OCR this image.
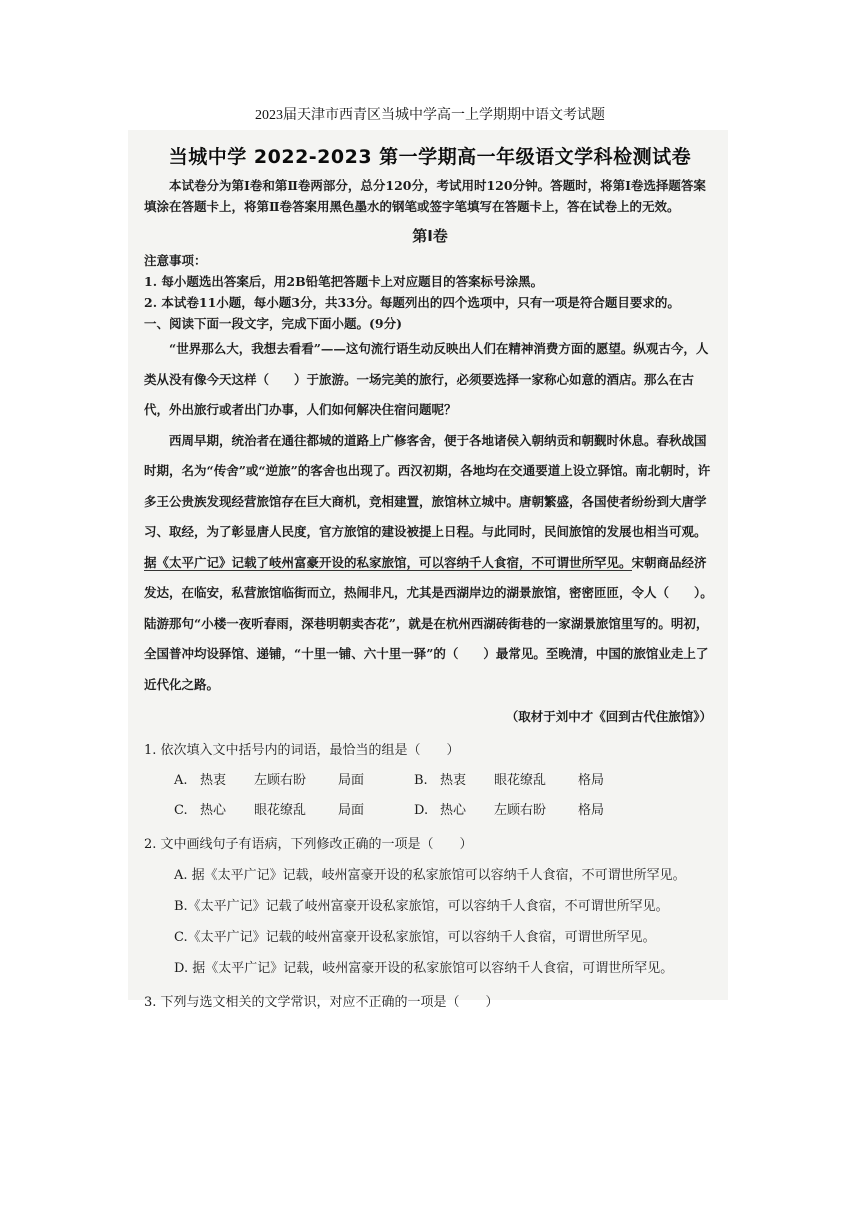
2023届天津市西青区当城中学高一上学期期中语文考试题
当城中学 2022-2023 第一学期高一年级语文学科检测试卷

本试卷分为第Ⅰ卷和第Ⅱ卷两部分，总分120分，考试用时120分钟。答题时，将第Ⅰ卷选择题答案填涂在答题卡上，将第Ⅱ卷答案用黑色墨水的钢笔或签字笔填写在答题卡上，答在试卷上的无效。

第Ⅰ卷

注意事项：

1. 每小题选出答案后，用2B铅笔把答题卡上对应题目的答案标号涂黑。

2. 本试卷11小题，每小题3分，共33分。每题列出的四个选项中，只有一项是符合题目要求的。

一、阅读下面一段文字，完成下面小题。(9分)

“世界那么大，我想去看看”——这句流行语生动反映出人们在精神消费方面的愿望。纵观古今，人类从没有像今天这样（　　）于旅游。一场完美的旅行，必须要选择一家称心如意的酒店。那么在古代，外出旅行或者出门办事，人们如何解决住宿问题呢？

西周早期，统治者在通往都城的道路上广修客舍，便于各地诸侯入朝纳贡和朝觐时休息。春秋战国时期，名为“传舍”或“逆旅”的客舍也出现了。西汉初期，各地均在交通要道上设立驿馆。南北朝时，许多王公贵族发现经营旅馆存在巨大商机，竞相建置，旅馆林立城中。唐朝繁盛，各国使者纷纷到大唐学习、取经，为了彰显唐人民度，官方旅馆的建设被提上日程。与此同时，民间旅馆的发展也相当可观。据《太平广记》记载了岐州富豪开设的私家旅馆，可以容纳千人食宿，不可谓世所罕见。宋朝商品经济发达，在临安，私营旅馆临街而立，热闹非凡，尤其是西湖岸边的湖景旅馆，密密匝匝，令人（　　）。陆游那句“小楼一夜听春雨，深巷明朝卖杏花”，就是在杭州西湖砖街巷的一家湖景旅馆里写的。明初，全国普冲均设驿馆、递铺，“十里一铺、六十里一驿”的（　　）最常见。至晚清，中国的旅馆业走上了近代化之路。

（取材于刘中才《回到古代住旅馆》）
1. 依次填入文中括号内的词语，最恰当的组是（　　）
A. 热衷	左顾右盼	局面	B. 热衷	眼花缭乱	格局
C. 热心	眼花缭乱	局面	D. 热心	左顾右盼	格局
2. 文中画线句子有语病，下列修改正确的一项是（　　）
A. 据《太平广记》记载，岐州富豪开设的私家旅馆可以容纳千人食宿，不可谓世所罕见。
B.《太平广记》记载了岐州富豪开设私家旅馆，可以容纳千人食宿，不可谓世所罕见。
C.《太平广记》记载的岐州富豪开设私家旅馆，可以容纳千人食宿，可谓世所罕见。
D. 据《太平广记》记载，岐州富豪开设的私家旅馆可以容纳千人食宿，可谓世所罕见。
3. 下列与选文相关的文学常识，对应不正确的一项是（　　）
